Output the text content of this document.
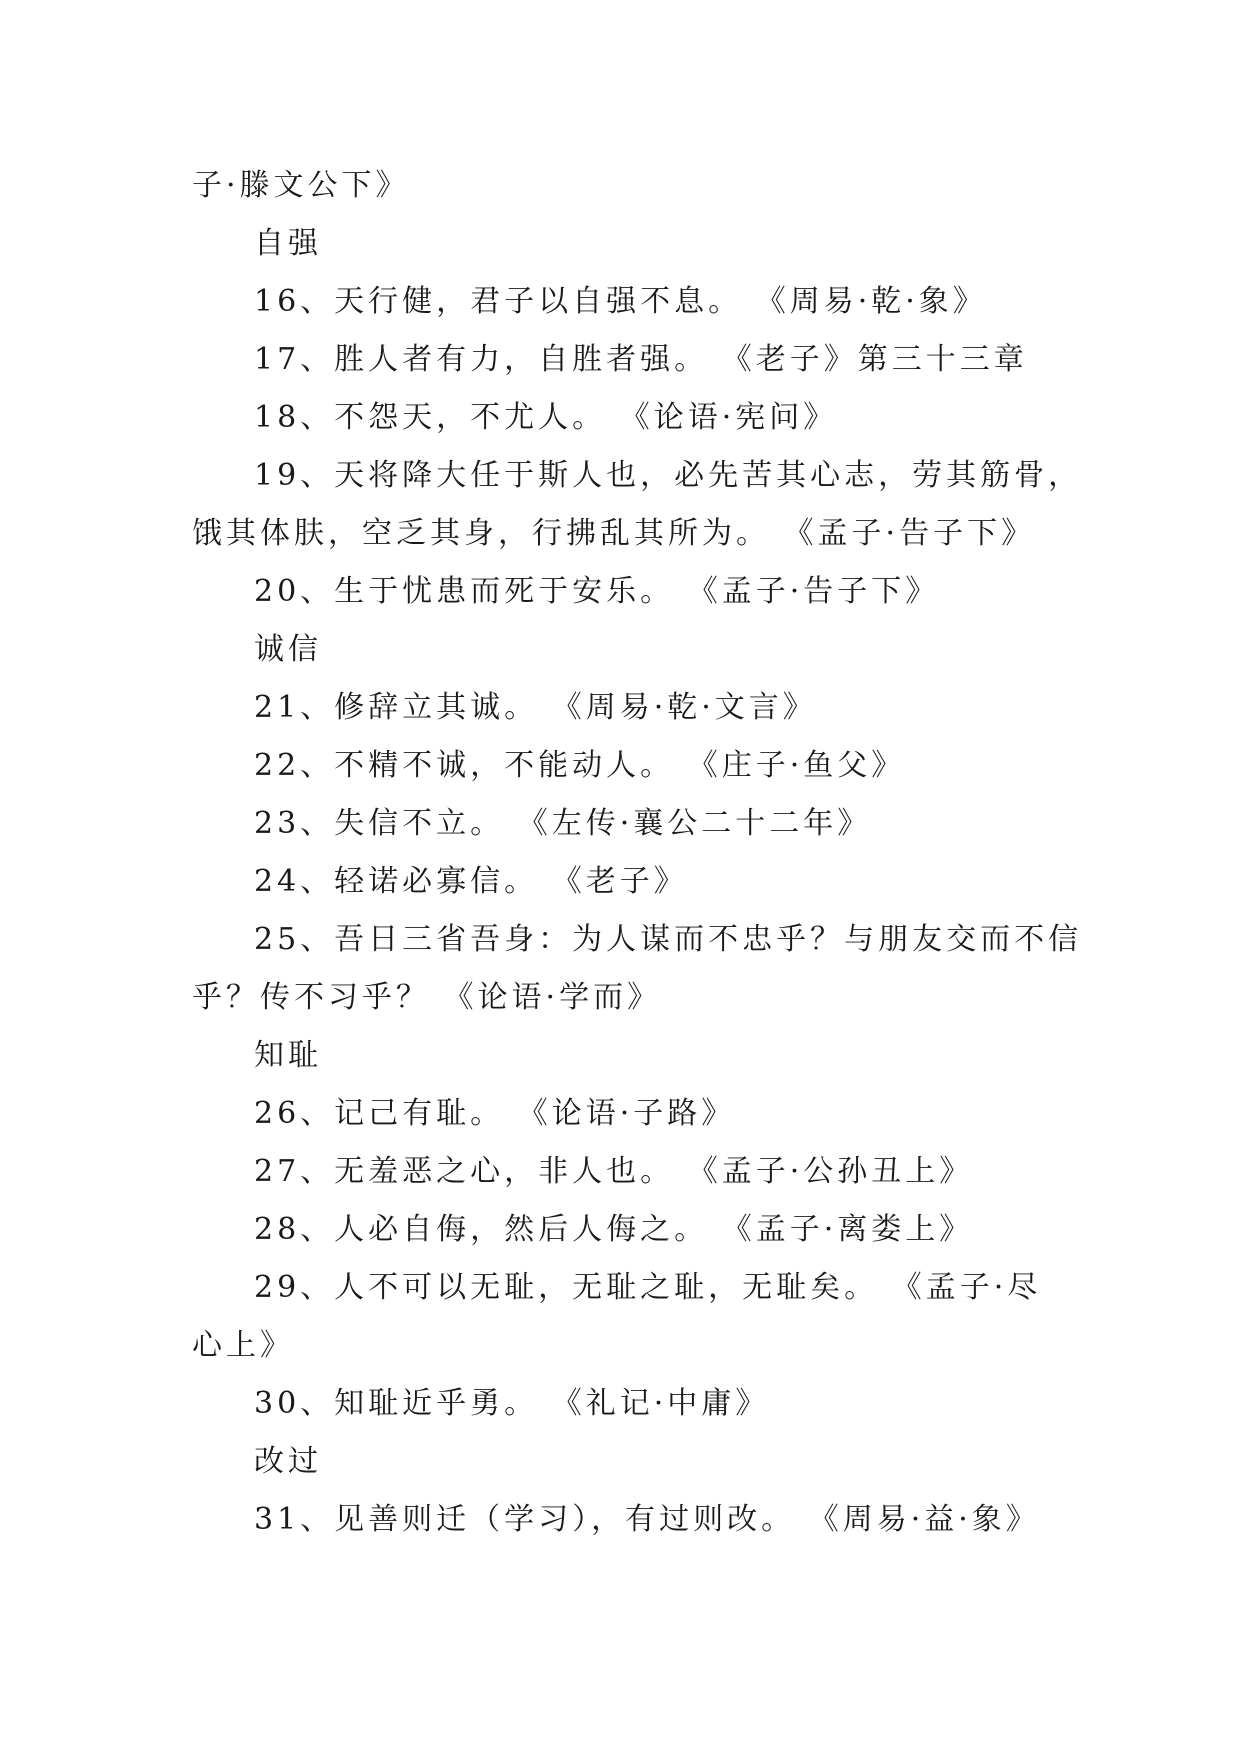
子·滕文公下》
自强
16、天行健，君子以自强不息。 《周易·乾·象》
17、胜人者有力，自胜者强。 《老子》第三十三章
18、不怨天，不尤人。 《论语·宪问》
19、天将降大任于斯人也，必先苦其心志，劳其筋骨，
饿其体肤，空乏其身，行拂乱其所为。 《孟子·告子下》
20、生于忧患而死于安乐。 《孟子·告子下》
诚信
21、修辞立其诚。 《周易·乾·文言》
22、不精不诚，不能动人。 《庄子·鱼父》
23、失信不立。 《左传·襄公二十二年》
24、轻诺必寡信。 《老子》
25、吾日三省吾身：为人谋而不忠乎？与朋友交而不信
乎？传不习乎？ 《论语·学而》
知耻
26、记己有耻。 《论语·子路》
27、无羞恶之心，非人也。 《孟子·公孙丑上》
28、人必自侮，然后人侮之。 《孟子·离娄上》
29、人不可以无耻，无耻之耻，无耻矣。 《孟子·尽
心上》
30、知耻近乎勇。 《礼记·中庸》
改过
31、见善则迁（学习），有过则改。 《周易·益·象》
